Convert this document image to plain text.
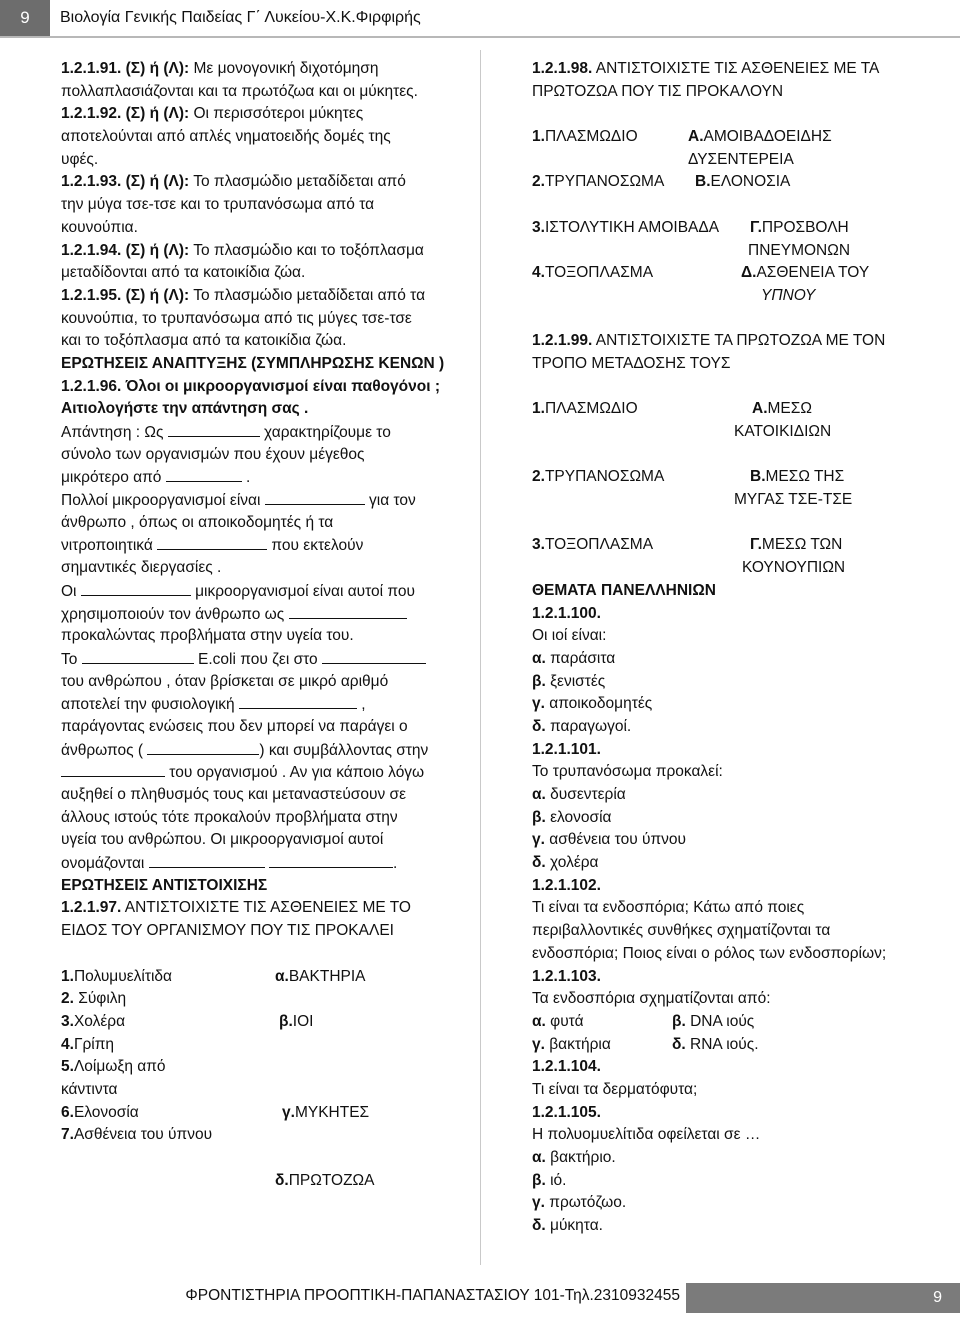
9	Βιολογία Γενικής Παιδείας Γ΄ Λυκείου-Χ.Κ.Φιρφιρής
1.2.1.91. (Σ) ή (Λ): Με μονογονική διχοτόμηση
πολλαπλασιάζονται και τα πρωτόζωα και οι μύκητες.
1.2.1.92. (Σ) ή (Λ): Οι περισσότεροι μύκητες
αποτελούνται από απλές νηματοειδής δομές της
υφές.
1.2.1.93. (Σ) ή (Λ): Το πλασμώδιο μεταδίδεται από
την μύγα τσε-τσε και το τρυπανόσωμα από τα
κουνούπια.
1.2.1.94. (Σ) ή (Λ): Το πλασμώδιο και το τοξόπλασμα
μεταδίδονται από τα κατοικίδια ζώα.
1.2.1.95. (Σ) ή (Λ): Το πλασμώδιο μεταδίδεται από τα
κουνούπια, το τρυπανόσωμα από τις μύγες τσε-τσε
και το τοξόπλασμα από τα κατοικίδια ζώα.
ΕΡΩΤΗΣΕΙΣ ΑΝΑΠΤΥΞΗΣ (ΣΥΜΠΛΗΡΩΣΗΣ ΚΕΝΩΝ )
1.2.1.96. Όλοι οι μικροοργανισμοί είναι παθογόνοι ;
Αιτιολογήστε την απάντηση σας .
Απάντηση : Ως	χαρακτηρίζουμε το
σύνολο των οργανισμών που έχουν μέγεθος
μικρότερο από	.
Πολλοί μικροοργανισμοί είναι	για τον
άνθρωπο , όπως οι αποικοδομητές ή τα
νιτροποιητικά	που εκτελούν
σημαντικές διεργασίες .
Οι	μικροοργανισμοί είναι αυτοί που
χρησιμοποιούν τον άνθρωπο ως
προκαλώντας προβλήματα στην υγεία του.
Το	E.coli που ζει στο
του ανθρώπου , όταν βρίσκεται σε μικρό αριθμό
αποτελεί την φυσιολογική	,
παράγοντας ενώσεις που δεν μπορεί να παράγει ο
άνθρωπος (	) και συμβάλλοντας στην
του οργανισμού . Αν για κάποιο λόγω
αυξηθεί ο πληθυσμός τους και μεταναστεύσουν σε
άλλους ιστούς τότε προκαλούν προβλήματα στην
υγεία του ανθρώπου. Οι μικροοργανισμοί αυτοί
ονομάζονται	.
ΕΡΩΤΗΣΕΙΣ ΑΝΤΙΣΤΟΙΧΙΣΗΣ
1.2.1.97. ΑΝΤΙΣΤΟΙΧΙΣΤΕ ΤΙΣ ΑΣΘΕΝΕΙΕΣ ΜΕ ΤΟ
ΕΙΔΟΣ ΤΟΥ ΟΡΓΑΝΙΣΜΟΥ ΠΟΥ ΤΙΣ ΠΡΟΚΑΛΕΙ
1.Πολυμυελίτιδα	α.ΒΑΚΤΗΡΙΑ
2. Σύφιλη
3.Χολέρα	β.ΙΟΙ
4.Γρίπη
5.Λοίμωξη από
κάντιντα
6.Ελονοσία	γ.ΜΥΚΗΤΕΣ
7.Ασθένεια του ύπνου
δ.ΠΡΩΤΟΖΩΑ
1.2.1.98. ΑΝΤΙΣΤΟΙΧΙΣΤΕ ΤΙΣ ΑΣΘΕΝΕΙΕΣ ΜΕ ΤΑ
ΠΡΩΤΟΖΩΑ ΠΟΥ ΤΙΣ ΠΡΟΚΑΛΟΥΝ
1.ΠΛΑΣΜΩΔΙΟ	Α.ΑΜΟΙΒΑΔΟΕΙΔΗΣ
ΔΥΣΕΝΤΕΡΕΙΑ
2.ΤΡΥΠΑΝΟΣΩΜΑ Β.ΕΛΟΝΟΣΙΑ
3.ΙΣΤΟΛΥΤΙΚΗ ΑΜΟΙΒΑΔΑ Γ.ΠΡΟΣΒΟΛΗ
ΠΝΕΥΜΟΝΩΝ
4.ΤΟΞΟΠΛΑΣΜΑ	Δ.ΑΣΘΕΝΕΙΑ ΤΟΥ
ΥΠΝΟΥ
1.2.1.99. ΑΝΤΙΣΤΟΙΧΙΣΤΕ ΤΑ ΠΡΩΤΟΖΩΑ ΜΕ ΤΟΝ
ΤΡΟΠΟ ΜΕΤΑΔΟΣΗΣ ΤΟΥΣ
1.ΠΛΑΣΜΩΔΙΟ	Α.ΜΕΣΩ
ΚΑΤΟΙΚΙΔΙΩΝ
2.ΤΡΥΠΑΝΟΣΩΜΑ	Β.ΜΕΣΩ ΤΗΣ
ΜΥΓΑΣ ΤΣΕ-ΤΣΕ
3.ΤΟΞΟΠΛΑΣΜΑ	Γ.ΜΕΣΩ ΤΩΝ
ΚΟΥΝΟΥΠΙΩΝ
ΘΕΜΑΤΑ ΠΑΝΕΛΛΗΝΙΩΝ
1.2.1.100.
Οι ιοί είναι:
α. παράσιτα
β. ξενιστές
γ. αποικοδομητές
δ. παραγωγοί.
1.2.1.101.
Το τρυπανόσωμα προκαλεί:
α. δυσεντερία
β. ελονοσία
γ. ασθένεια του ύπνου
δ. χολέρα
1.2.1.102.
Τι είναι τα ενδοσπόρια; Κάτω από ποιες
περιβαλλοντικές συνθήκες σχηματίζονται τα
ενδοσπόρια; Ποιος είναι ο ρόλος των ενδοσπορίων;
1.2.1.103.
Τα ενδοσπόρια σχηματίζονται από:
α. φυτά	β. DNA ιούς
γ. βακτήρια	δ. RNA ιούς.
1.2.1.104.
Τι είναι τα δερματόφυτα;
1.2.1.105.
Η πολυομυελίτιδα οφείλεται σε …
α. βακτήριο.
β. ιό.
γ. πρωτόζωο.
δ. μύκητα.
ΦΡΟΝΤΙΣΤΗΡΙΑ ΠΡΟΟΠΤΙΚΗ-ΠΑΠΑΝΑΣΤΑΣΙΟΥ 101-Τηλ.2310932455	9
